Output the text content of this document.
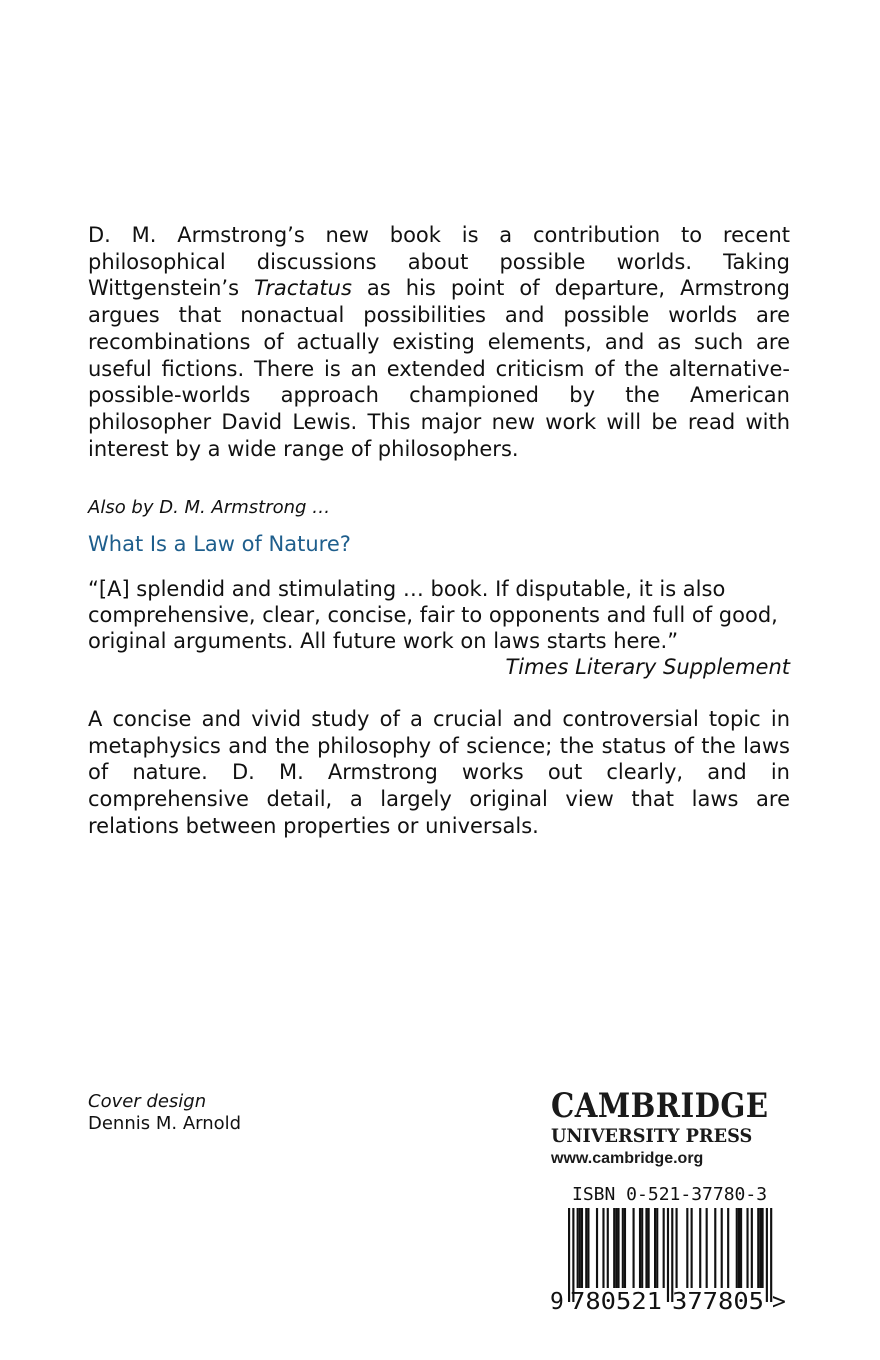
D. M. Armstrong’s new book is a contribution to recent philosophical discussions about possible worlds. Taking Wittgenstein’s Tractatus as his point of departure, Armstrong argues that nonactual possibilities and possible worlds are recombinations of actually existing elements, and as such are useful fictions. There is an extended criticism of the alternative-possible-worlds approach championed by the American philosopher David Lewis. This major new work will be read with interest by a wide range of philosophers.

Also by D. M. Armstrong …
What Is a Law of Nature?
“[A] splendid and stimulating … book. If disputable, it is also comprehensive, clear, concise, fair to opponents and full of good, original arguments. All future work on laws starts here.”
Times Literary Supplement
A concise and vivid study of a crucial and controversial topic in metaphysics and the philosophy of science; the status of the laws of nature. D. M. Armstrong works out clearly, and in comprehensive detail, a largely original view that laws are relations between properties or universals.
Cover design
Dennis M. Arnold	CAMBRIDGE
UNIVERSITY PRESS
www.cambridge.org
ISBN 0-521-37780-3
9 780521 377805 >
